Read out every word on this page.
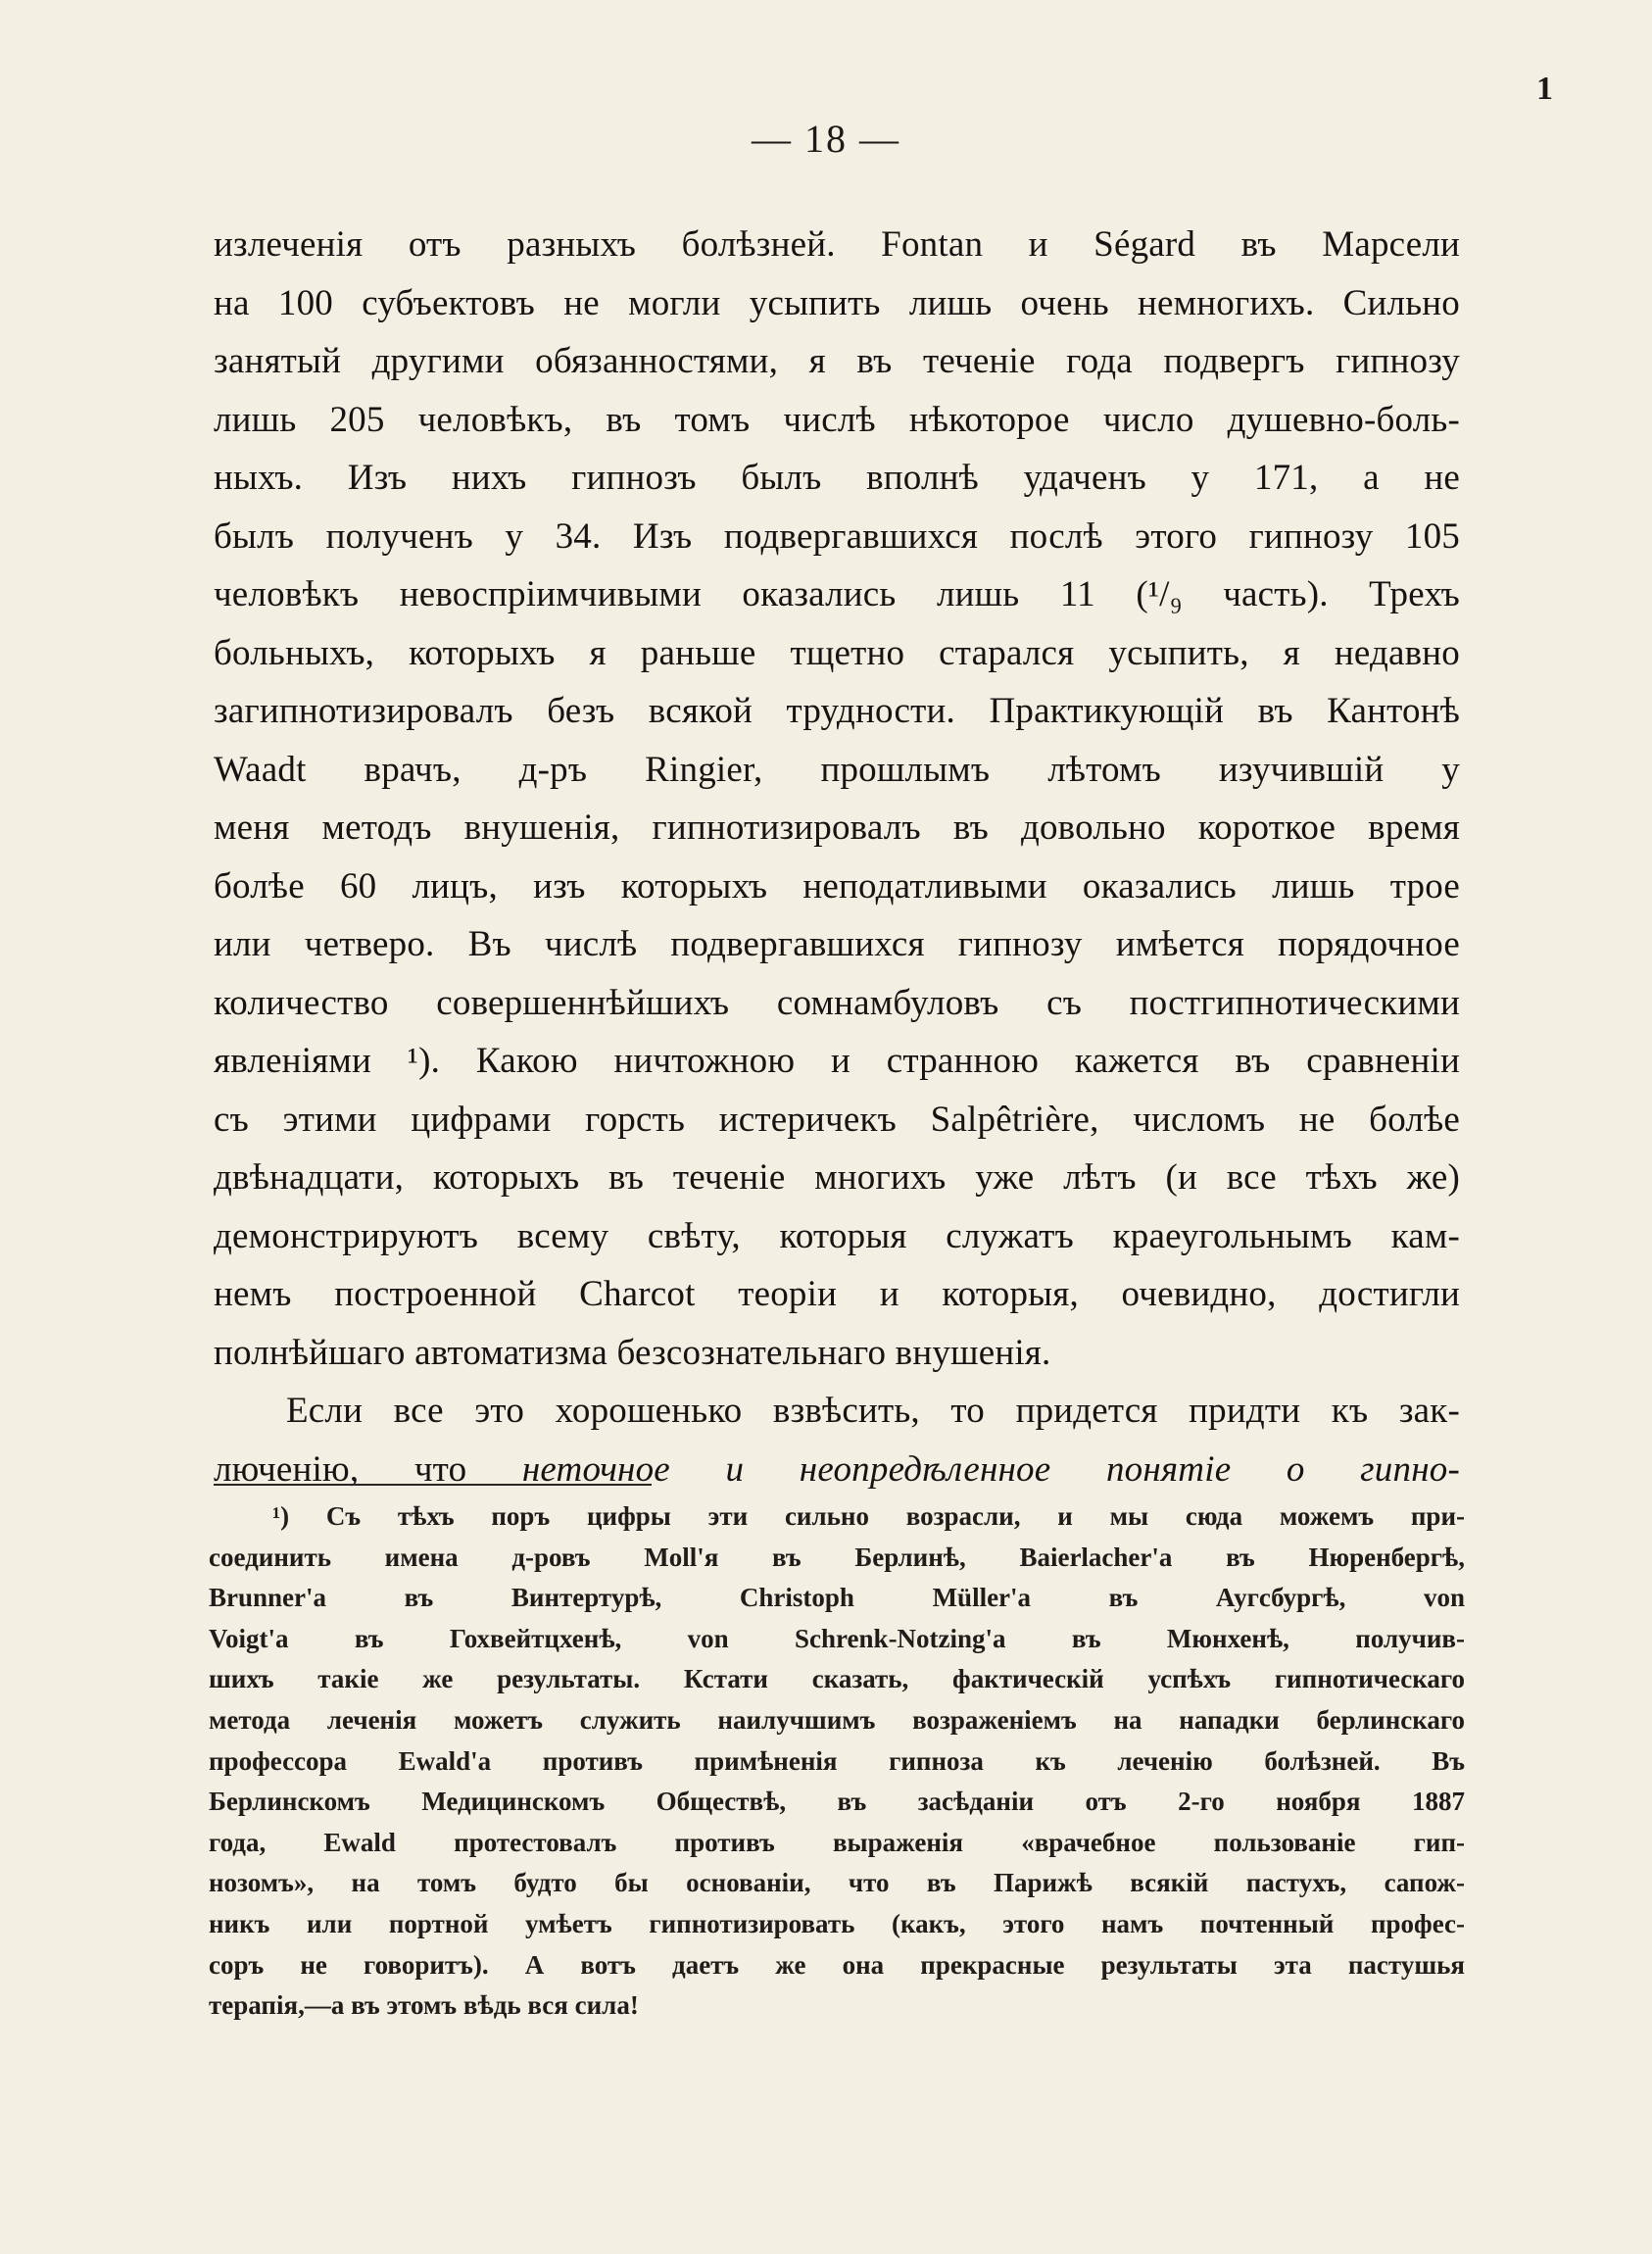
— 18 —
1
излеченія отъ разныхъ болѣзней. Fontan и Ségard въ Марсели
на 100 субъектовъ не могли усыпить лишь очень немногихъ. Сильно
занятый другими обязанностями, я въ теченіе года подвергъ гипнозу
лишь 205 человѣкъ, въ томъ числѣ нѣкоторое число душевно-боль-
ныхъ. Изъ нихъ гипнозъ былъ вполнѣ удаченъ у 171, а не
былъ полученъ у 34. Изъ подвергавшихся послѣ этого гипнозу 105
человѣкъ невоспріимчивыми оказались лишь 11 (¹/₉ часть). Трехъ
больныхъ, которыхъ я раньше тщетно старался усыпить, я недавно
загипнотизировалъ безъ всякой трудности. Практикующій въ Кантонѣ
Waadt врачъ, д-ръ Ringier, прошлымъ лѣтомъ изучившій у
меня методъ внушенія, гипнотизировалъ въ довольно короткое время
болѣе 60 лицъ, изъ которыхъ неподатливыми оказались лишь трое
или четверо. Въ числѣ подвергавшихся гипнозу имѣется порядочное
количество совершеннѣйшихъ сомнамбуловъ съ постгипнотическими
явленіями ¹). Какою ничтожною и странною кажется въ сравненіи
съ этими цифрами горсть истеричекъ Salpêtrière, числомъ не болѣе
двѣнадцати, которыхъ въ теченіе многихъ уже лѣтъ (и все тѣхъ же)
демонстрируютъ всему свѣту, которыя служатъ краеугольнымъ кам-
немъ построенной Charcot теоріи и которыя, очевидно, достигли
полнѣйшаго автоматизма безсознательнаго внушенія.
Если все это хорошенько взвѣсить, то придется придти къ зак-
люченію, что неточное и неопредѣленное понятіе о гипно-
¹) Съ тѣхъ поръ цифры эти сильно возрасли, и мы сюда можемъ при-
соединить имена д-ровъ Moll'я въ Берлинѣ, Baierlacher'а въ Нюренбергѣ,
Brunner'а въ Винтертурѣ, Christoph Müller'а въ Аугсбургѣ, von
Voigt'а въ Гохвейтцхенѣ, von Schrenk-Notzing'а въ Мюнхенѣ, получив-
шихъ такіе же результаты. Кстати сказать, фактическій успѣхъ гипнотическаго
метода леченія можетъ служить наилучшимъ возраженіемъ на нападки берлинскаго
профессора Ewald'а противъ примѣненія гипноза къ леченію болѣзней. Въ
Берлинскомъ Медицинскомъ Обществѣ, въ засѣданіи отъ 2-го ноября 1887
года, Ewald протестовалъ противъ выраженія «врачебное пользованіе гип-
нозомъ», на томъ будто бы основаніи, что въ Парижѣ всякій пастухъ, сапож-
никъ или портной умѣетъ гипнотизировать (какъ, этого намъ почтенный профес-
соръ не говоритъ). А вотъ даетъ же она прекрасные результаты эта пастушья
терапія,—а въ этомъ вѣдь вся сила!
